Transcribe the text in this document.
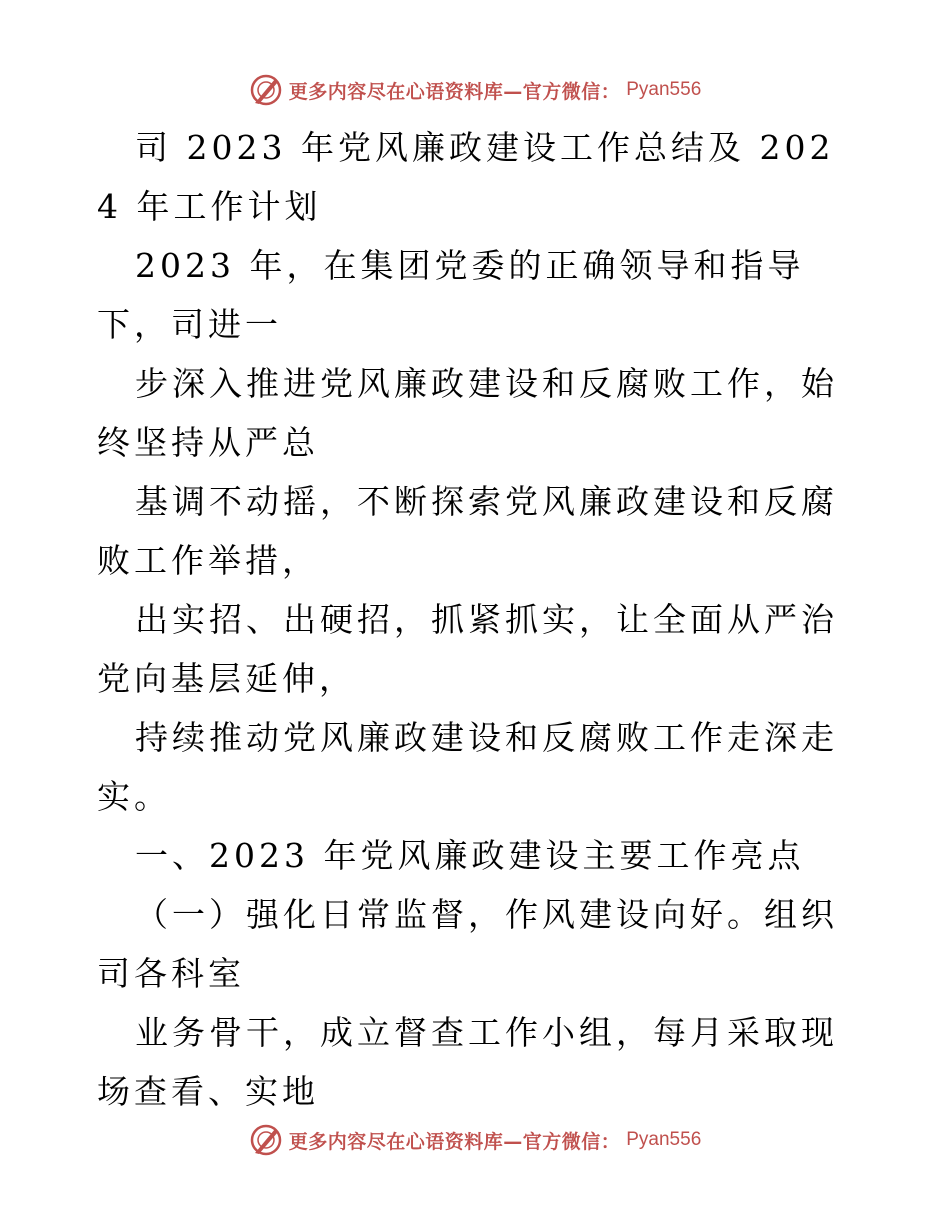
更多内容尽在心语资料库—官方微信： Pyan556

司 2023 年党风廉政建设工作总结及 2024 年工作计划

2023 年，在集团党委的正确领导和指导下，司进一

步深入推进党风廉政建设和反腐败工作，始终坚持从严总

基调不动摇，不断探索党风廉政建设和反腐败工作举措，

出实招、出硬招，抓紧抓实，让全面从严治党向基层延伸，

持续推动党风廉政建设和反腐败工作走深走实。

一、2023 年党风廉政建设主要工作亮点

（一）强化日常监督，作风建设向好。组织司各科室

业务骨干，成立督查工作小组，每月采取现场查看、实地

更多内容尽在心语资料库—官方微信： Pyan556
